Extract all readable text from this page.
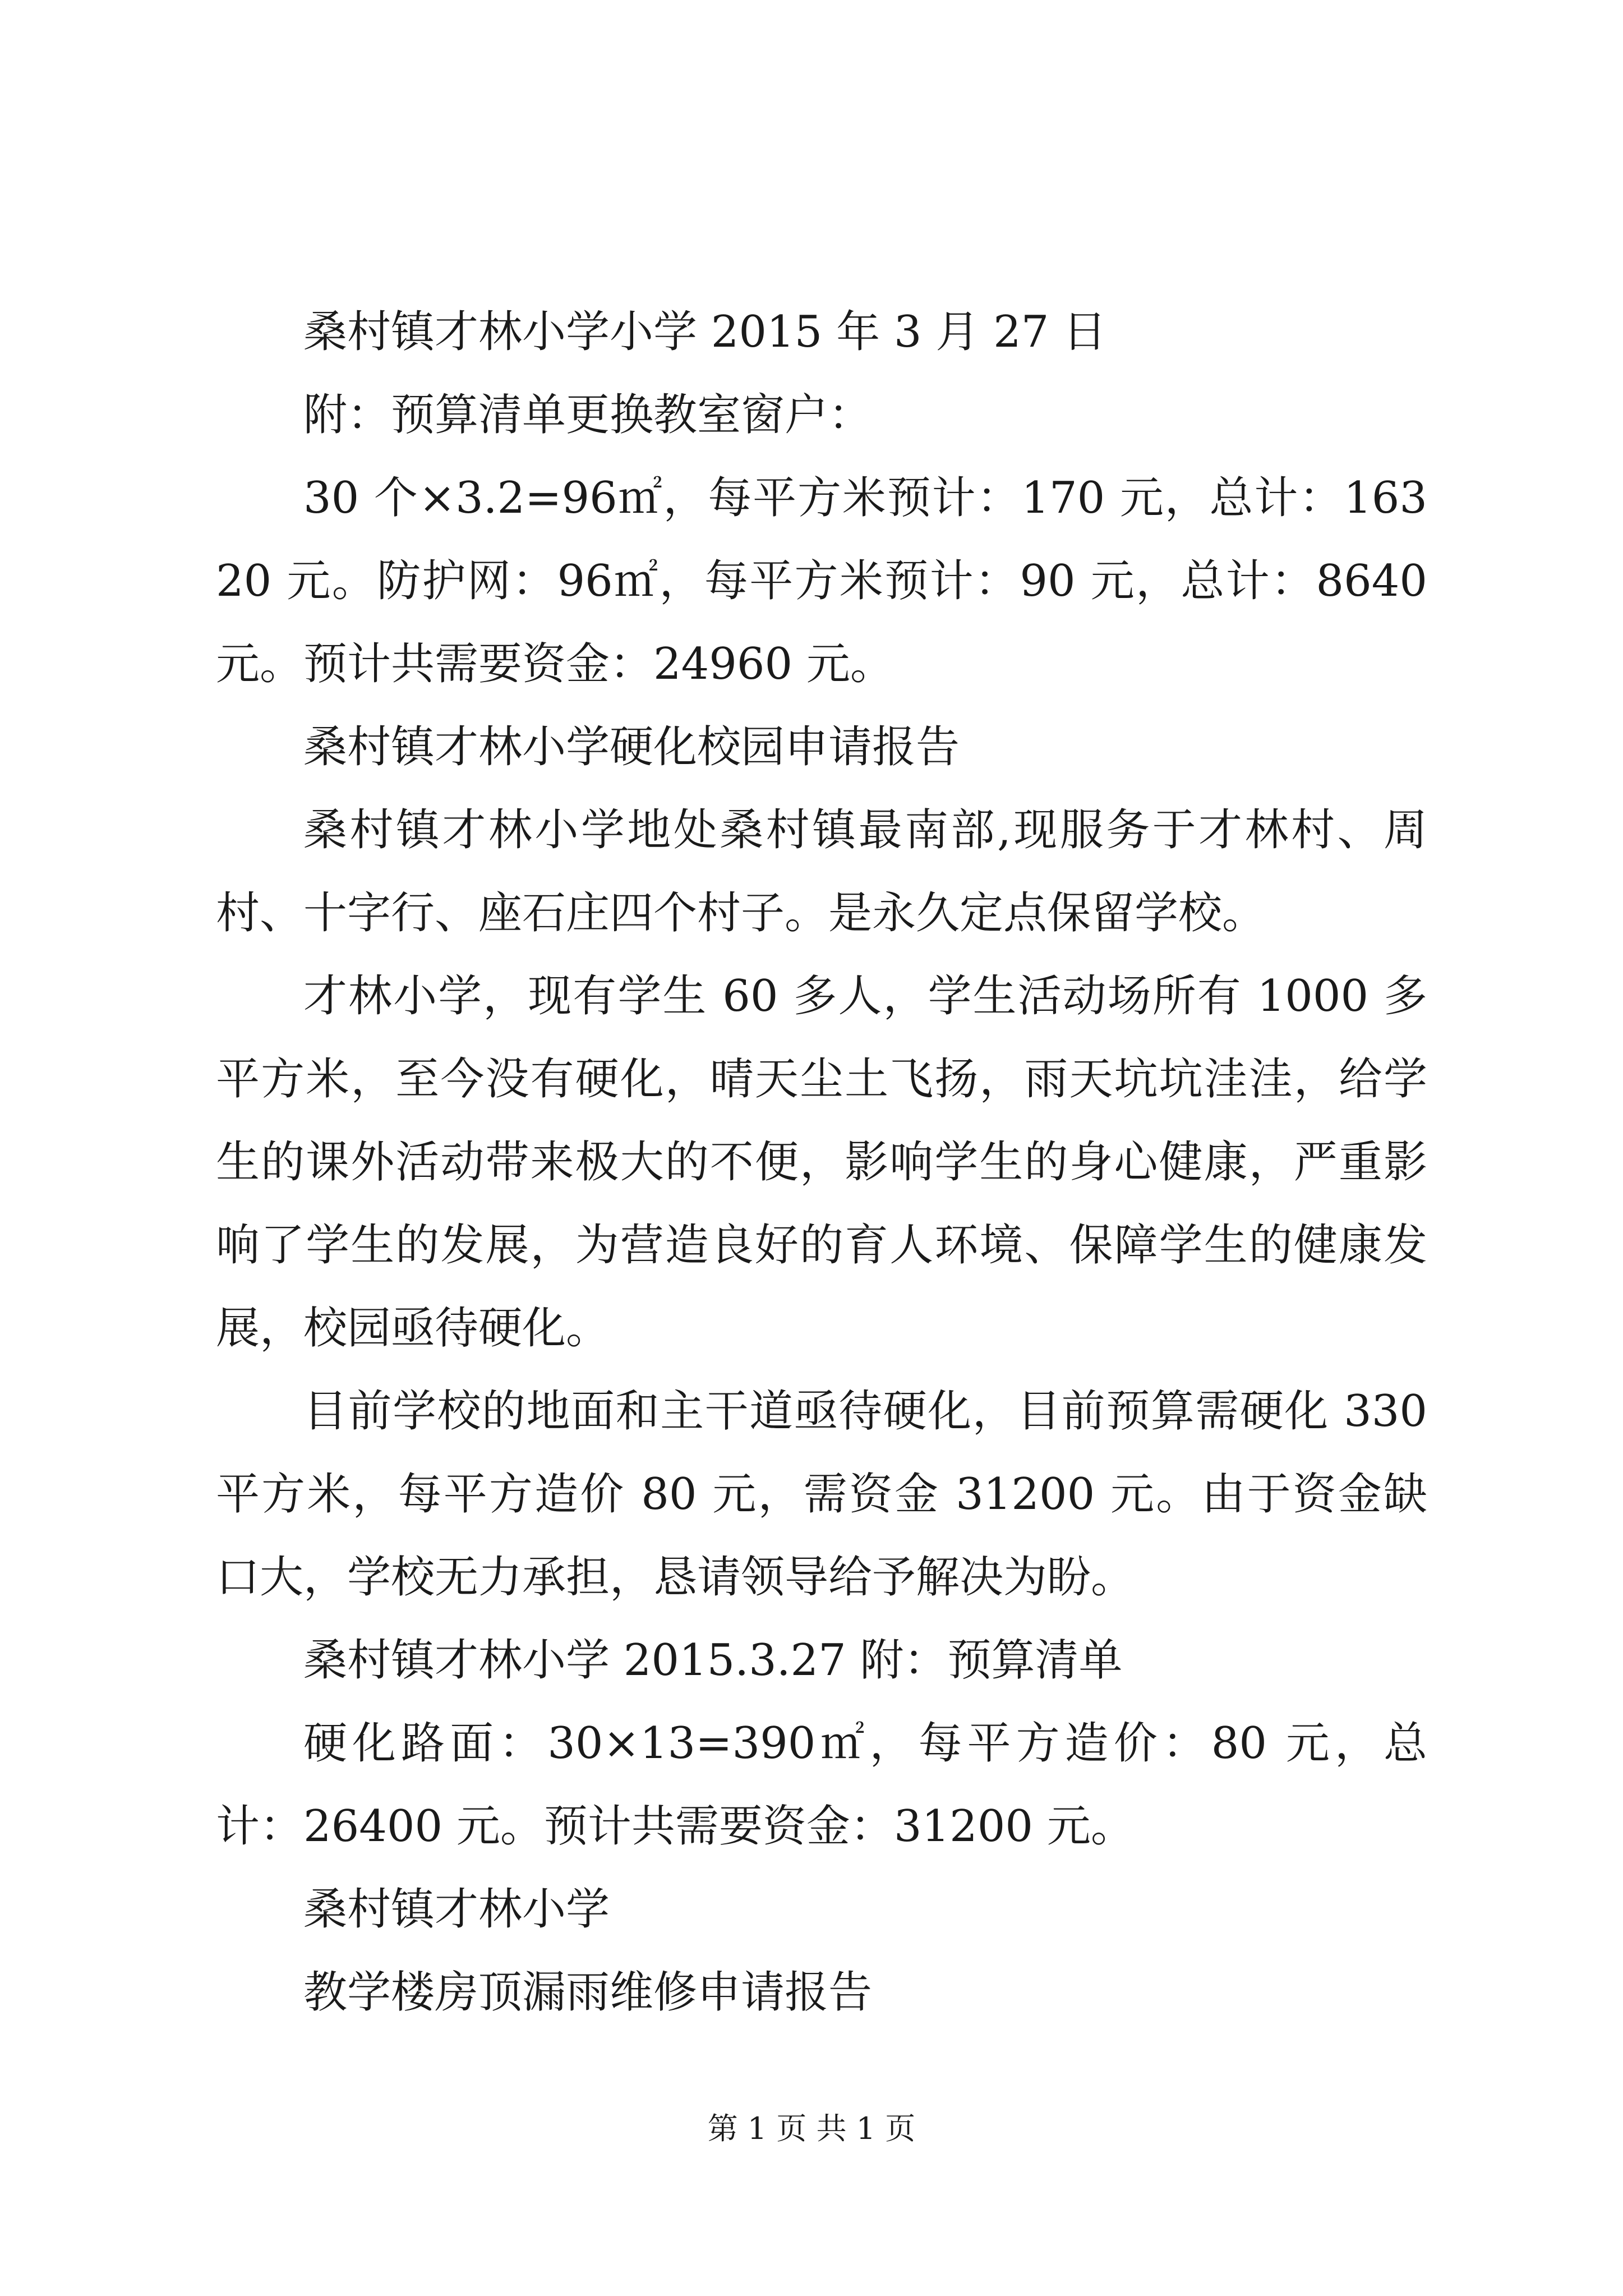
桑村镇才林小学小学 2015 年 3 月 27 日

附：预算清单更换教室窗户：

30 个×3.2=96㎡，每平方米预计：170 元，总计：16320 元。防护网：96㎡，每平方米预计：90 元，总计：8640 元。预计共需要资金：24960 元。

桑村镇才林小学硬化校园申请报告

桑村镇才林小学地处桑村镇最南部,现服务于才林村、周村、十字行、座石庄四个村子。是永久定点保留学校。

才林小学，现有学生 60 多人，学生活动场所有 1000 多平方米，至今没有硬化，晴天尘土飞扬，雨天坑坑洼洼，给学生的课外活动带来极大的不便，影响学生的身心健康，严重影响了学生的发展，为营造良好的育人环境、保障学生的健康发展，校园亟待硬化。

目前学校的地面和主干道亟待硬化，目前预算需硬化 330 平方米，每平方造价 80 元，需资金 31200 元。由于资金缺口大，学校无力承担，恳请领导给予解决为盼。

桑村镇才林小学 2015.3.27 附：预算清单

硬化路面：30×13=390㎡，每平方造价：80 元，总计：26400 元。预计共需要资金：31200 元。

桑村镇才林小学

教学楼房顶漏雨维修申请报告

第 1 页 共 1 页
